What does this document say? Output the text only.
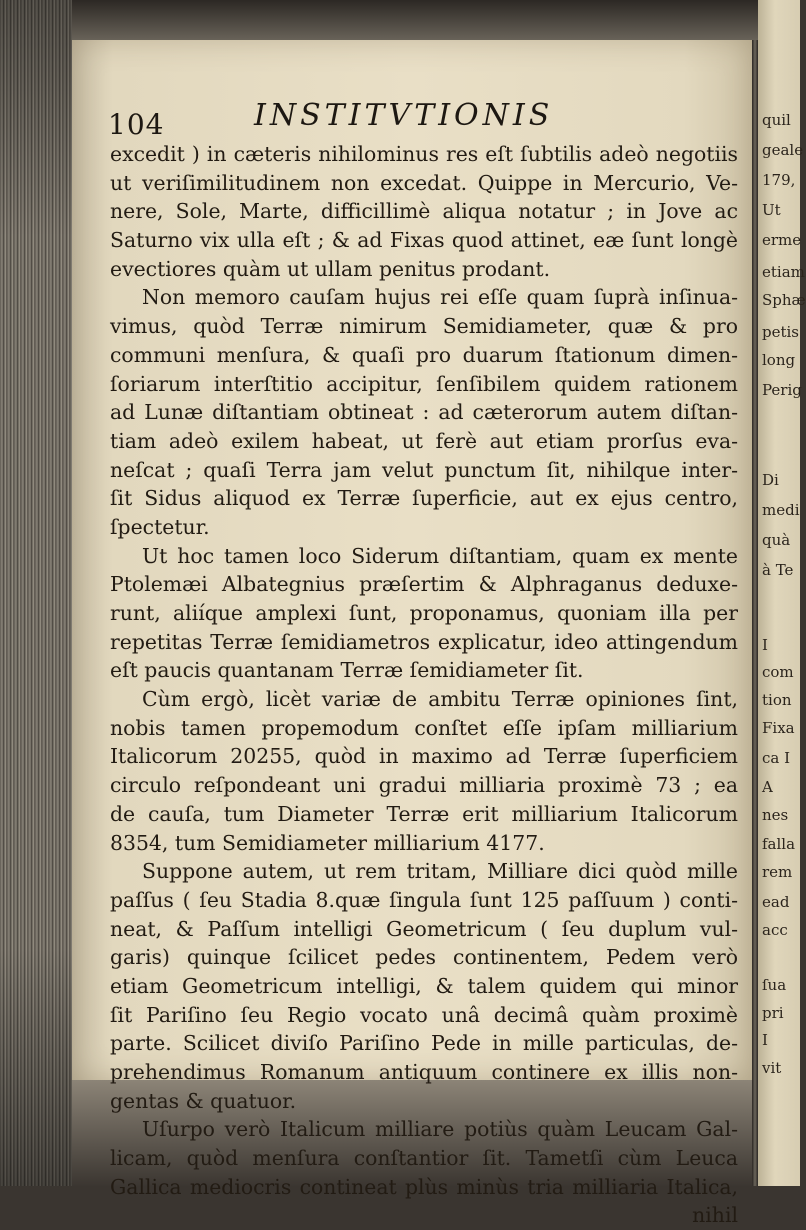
quil
geale
179,
Ut
erme
etiam
Sphæ
petis
long
Perig
Di
medi
quà
à Te
I
com
tion
Fixa
ca I
A
nes
falla
rem
ead
acc
ſua
pri
I
vit
104	INSTITVTIONIS
excedit ) in cæteris nihilominus res eſt ſubtilis adeò negotiis
ut veriſimilitudinem non excedat. Quippe in Mercurio, Ve-
nere, Sole, Marte, difficillimè aliqua notatur ; in Jove ac
Saturno vix ulla eſt ; & ad Fixas quod attinet, eæ ſunt longè
evectiores quàm ut ullam penitus prodant.
Non memoro cauſam hujus rei eſſe quam ſuprà inſinua-
vimus, quòd Terræ nimirum Semidiameter, quæ & pro
communi menſura, & quaſi pro duarum ſtationum dimen-
ſoriarum interſtitio accipitur, ſenſibilem quidem rationem
ad Lunæ diſtantiam obtineat : ad cæterorum autem diſtan-
tiam adeò exilem habeat, ut ferè aut etiam prorſus eva-
neſcat ; quaſi Terra jam velut punctum ſit, nihilque inter-
ſit Sidus aliquod ex Terræ ſuperficie, aut ex ejus centro,
ſpectetur.
Ut hoc tamen loco Siderum diſtantiam, quam ex mente
Ptolemæi Albategnius præſertim & Alphraganus deduxe-
runt, aliíque amplexi ſunt, proponamus, quoniam illa per
repetitas Terræ ſemidiametros explicatur, ideo attingendum
eſt paucis quantanam Terræ ſemidiameter ſit.
Cùm ergò, licèt variæ de ambitu Terræ opiniones ſint,
nobis tamen propemodum conſtet eſſe ipſam milliarium
Italicorum 20255, quòd in maximo ad Terræ ſuperficiem
circulo reſpondeant uni gradui milliaria proximè 73 ; ea
de cauſa, tum Diameter Terræ erit milliarium Italicorum
8354, tum Semidiameter milliarium 4177.
Suppone autem, ut rem tritam, Milliare dici quòd mille
paſſus ( ſeu Stadia 8.quæ ſingula ſunt 125 paſſuum ) conti-
neat, & Paſſum intelligi Geometricum ( ſeu duplum vul-
garis) quinque ſcilicet pedes continentem, Pedem verò
etiam Geometricum intelligi, & talem quidem qui minor
ſit Pariſino ſeu Regio vocato unâ decimâ quàm proximè
parte. Scilicet diviſo Pariſino Pede in mille particulas, de-
prehendimus Romanum antiquum continere ex illis non-
gentas & quatuor.
Uſurpo verò Italicum milliare potiùs quàm Leucam Gal-
licam, quòd menſura conſtantior ſit. Tametſi cùm Leuca
Gallica mediocris contineat plùs minùs tria milliaria Italica,
nihil
